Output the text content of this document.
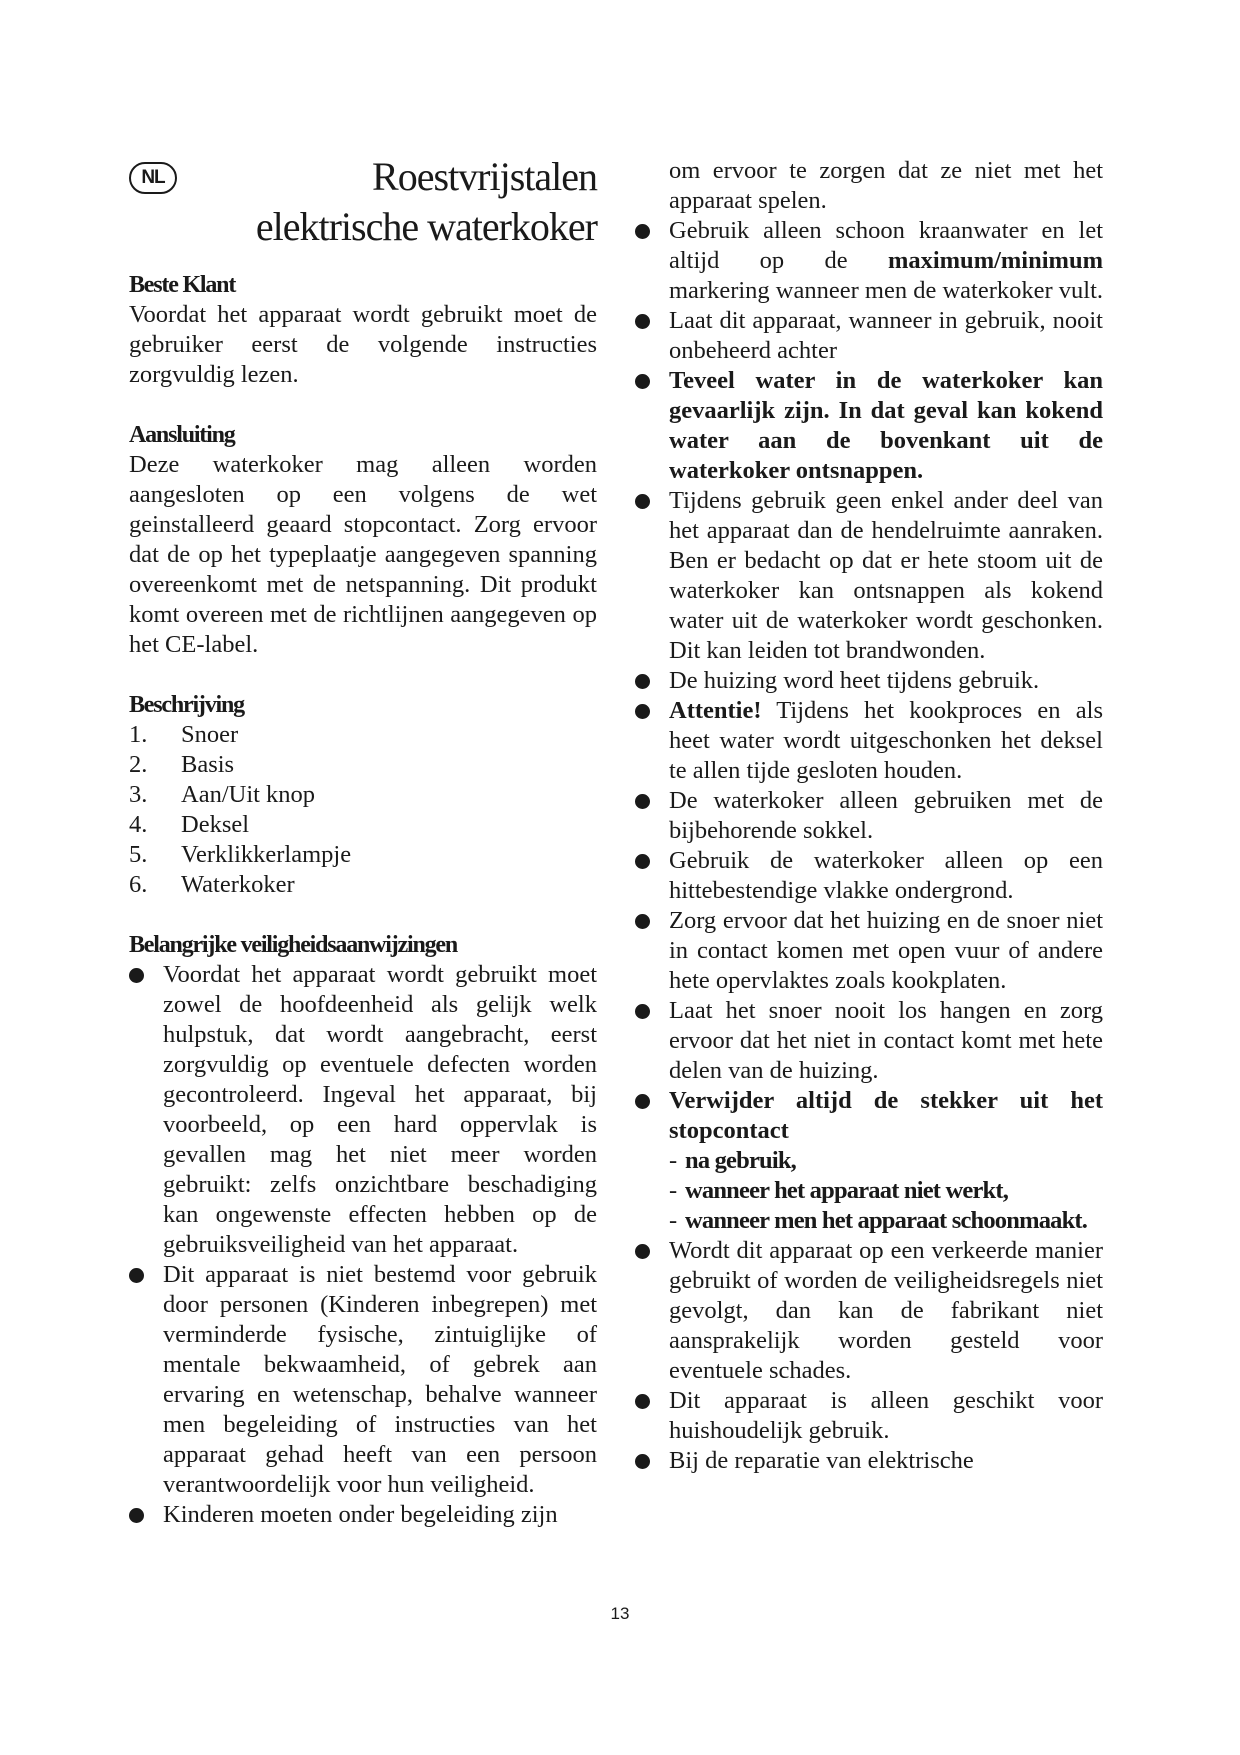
NL	Roestvrijstalen
elektrische waterkoker
Beste Klant

Voordat het apparaat wordt gebruikt moet de gebruiker eerst de volgende instructies zorgvuldig lezen.

Aansluiting

Deze waterkoker mag alleen worden aangesloten op een volgens de wet geinstalleerd geaard stopcontact. Zorg ervoor dat de op het typeplaatje aangegeven spanning overeenkomt met de netspanning. Dit produkt komt overeen met de richtlijnen aangegeven op het CE-label.

Beschrijving
1.	Snoer
2.	Basis
3.	Aan/Uit knop
4.	Deksel
5.	Verklikkerlampje
6.	Waterkoker
Belangrijke veiligheidsaanwijzingen
Voordat het apparaat wordt gebruikt moet zowel de hoofdeenheid als gelijk welk hulpstuk, dat wordt aangebracht, eerst zorgvuldig op eventuele defecten worden gecontroleerd. Ingeval het apparaat, bij voorbeeld, op een hard oppervlak is gevallen mag het niet meer worden gebruikt: zelfs onzichtbare beschadiging kan ongewenste effecten hebben op de gebruiksveiligheid van het apparaat.
Dit apparaat is niet bestemd voor gebruik door personen (Kinderen inbegrepen) met verminderde fysische, zintuiglijke of mentale bekwaamheid, of gebrek aan ervaring en wetenschap, behalve wanneer men begeleiding of instructies van het apparaat gehad heeft van een persoon verantwoordelijk voor hun veiligheid.
Kinderen moeten onder begeleiding zijn
om ervoor te zorgen dat ze niet met het apparaat spelen.
Gebruik alleen schoon kraanwater en let altijd op de maximum/minimum markering wanneer men de waterkoker vult.
Laat dit apparaat, wanneer in gebruik, nooit onbeheerd achter
Teveel water in de waterkoker kan gevaarlijk zijn. In dat geval kan kokend water aan de bovenkant uit de waterkoker ontsnappen.
Tijdens gebruik geen enkel ander deel van het apparaat dan de hendelruimte aanraken. Ben er bedacht op dat er hete stoom uit de waterkoker kan ontsnappen als kokend water uit de waterkoker wordt geschonken. Dit kan leiden tot brandwonden.
De huizing word heet tijdens gebruik.
Attentie! Tijdens het kookproces en als heet water wordt uitgeschonken het deksel te allen tijde gesloten houden.
De waterkoker alleen gebruiken met de bijbehorende sokkel.
Gebruik de waterkoker alleen op een hittebestendige vlakke ondergrond.
Zorg ervoor dat het huizing en de snoer niet in contact komen met open vuur of andere hete opervlaktes zoals kookplaten.
Laat het snoer nooit los hangen en zorg ervoor dat het niet in contact komt met hete delen van de huizing.
Verwijder altijd de stekker uit het stopcontact
- na gebruik,
- wanneer het apparaat niet werkt,
- wanneer men het apparaat schoonmaakt.
Wordt dit apparaat op een verkeerde manier gebruikt of worden de veiligheidsregels niet gevolgt, dan kan de fabrikant niet aansprakelijk worden gesteld voor eventuele schades.
Dit apparaat is alleen geschikt voor huishoudelijk gebruik.
Bij de reparatie van elektrische
13
